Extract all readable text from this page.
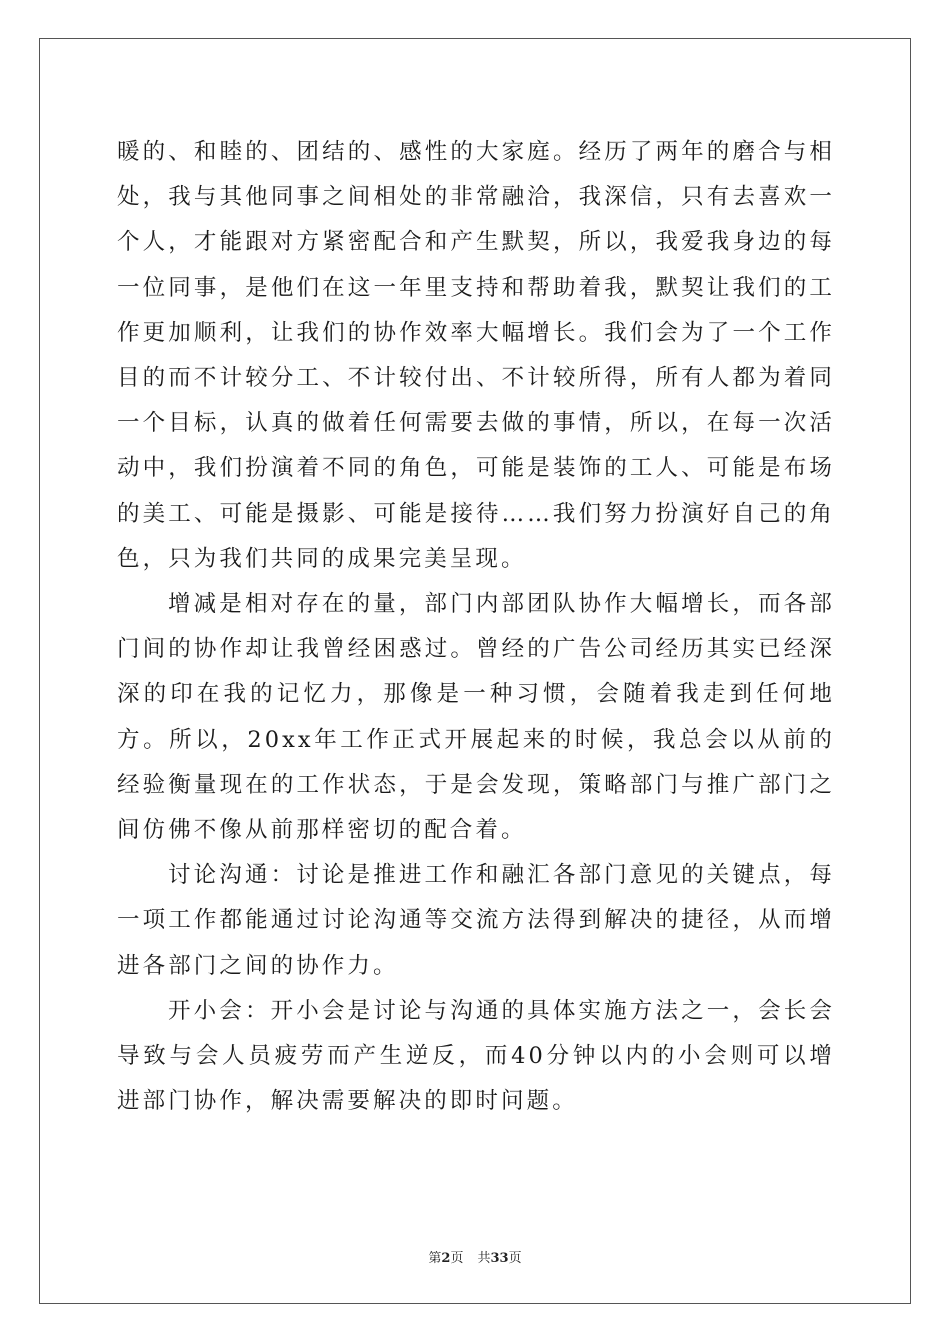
暖的、和睦的、团结的、感性的大家庭。经历了两年的磨合与相处，我与其他同事之间相处的非常融洽，我深信，只有去喜欢一个人，才能跟对方紧密配合和产生默契，所以，我爱我身边的每一位同事，是他们在这一年里支持和帮助着我，默契让我们的工作更加顺利，让我们的协作效率大幅增长。我们会为了一个工作目的而不计较分工、不计较付出、不计较所得，所有人都为着同一个目标，认真的做着任何需要去做的事情，所以，在每一次活动中，我们扮演着不同的角色，可能是装饰的工人、可能是布场的美工、可能是摄影、可能是接待……我们努力扮演好自己的角色，只为我们共同的成果完美呈现。

增减是相对存在的量，部门内部团队协作大幅增长，而各部门间的协作却让我曾经困惑过。曾经的广告公司经历其实已经深深的印在我的记忆力，那像是一种习惯，会随着我走到任何地方。所以，20xx年工作正式开展起来的时候，我总会以从前的经验衡量现在的工作状态，于是会发现，策略部门与推广部门之间仿佛不像从前那样密切的配合着。

讨论沟通：讨论是推进工作和融汇各部门意见的关键点，每一项工作都能通过讨论沟通等交流方法得到解决的捷径，从而增进各部门之间的协作力。

开小会：开小会是讨论与沟通的具体实施方法之一，会长会导致与会人员疲劳而产生逆反，而40分钟以内的小会则可以增进部门协作，解决需要解决的即时问题。

第2页 共33页
